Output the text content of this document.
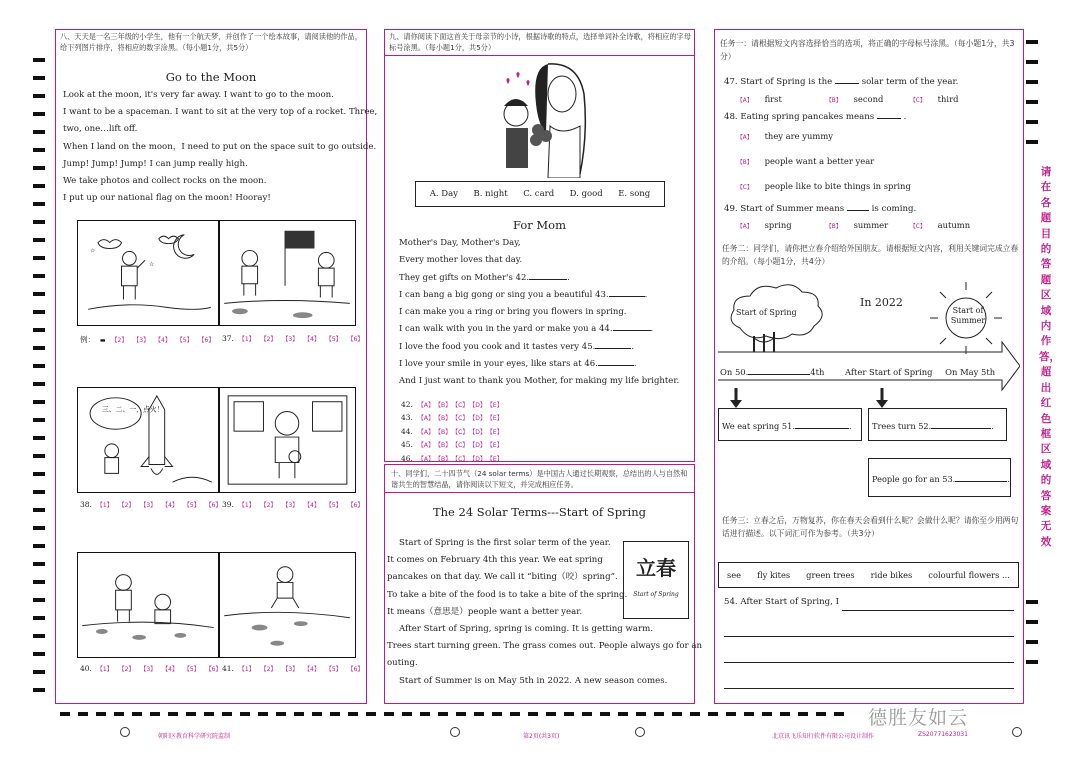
八、天天是一名三年级的小学生，他有一个航天梦，并创作了一个绘本故事，请阅读他的作品，给下列图片排序，将相应的数字涂黑。（每小题1分，共5分）
Go to the Moon

Look at the moon, it's very far away. I want to go to the moon.

I want to be a spaceman. I want to sit at the very top of a rocket. Three,

two, one…lift off.

When I land on the moon，I need to put on the space suit to go outside.

Jump! Jump! Jump! I can jump really high.

We take photos and collect rocks on the moon.

I put up our national flag on the moon! Hooray!

☆
☆
例： ▬ 【2】 【3】 【4】 【5】 【6】	37. 【1】 【2】 【3】 【4】 【5】 【6】
三、二、一，点火！
38. 【1】 【2】 【3】 【4】 【5】 【6】 39. 【1】 【2】 【3】 【4】 【5】 【6】
40. 【1】 【2】 【3】 【4】 【5】 【6】 41. 【1】 【2】 【3】 【4】 【5】 【6】
九、请你阅读下面这首关于母亲节的小诗，根据诗歌的特点，选择单词补全诗歌，将相应的字母标号涂黑。（每小题1分，共5分）
A. Day B. night C. card D. good E. song
For Mom

Mother's Day, Mother's Day,

Every mother loves that day.

They get gifts on Mother's 42.	.

I can bang a big gong or sing you a beautiful 43.	.

I can make you a ring or bring you flowers in spring.

I can walk with you in the yard or make you a 44.	.

I love the food you cook and it tastes very 45.	.

I love your smile in your eyes, like stars at 46.	.

And I just want to thank you Mother, for making my life brighter.

42. 【A】 【B】 【C】 【D】 【E】
43. 【A】 【B】 【C】 【D】 【E】
44. 【A】 【B】 【C】 【D】 【E】
45. 【A】 【B】 【C】 【D】 【E】
46. 【A】 【B】 【C】 【D】 【E】
十、同学们，二十四节气（24 solar terms）是中国古人通过长期观察，总结出的人与自然和谐共生的智慧结晶，请你阅读以下短文，并完成相应任务。
The 24 Solar Terms---Start of Spring
立春
Start of Spring

Start of Spring is the first solar term of the year.

It comes on February 4th this year. We eat spring

pancakes on that day. We call it “biting（咬）spring”.

To take a bite of the food is to take a bite of the spring.

It means（意思是）people want a better year.

After Start of Spring, spring is coming. It is getting warm.

Trees start turning green. The grass comes out. People always go for an

outing.

Start of Summer is on May 5th in 2022. A new season comes.

任务一：请根据短文内容选择恰当的选项，将正确的字母标号涂黑。（每小题1分，共3分）
47. Start of Spring is the	solar term of the year.
【A】 first	【B】 second	【C】 third
48. Eating spring pancakes means	.
【A】 they are yummy
【B】 people want a better year
【C】 people like to bite things in spring
49. Start of Summer means	is coming.
【A】 spring	【B】 summer	【C】 autumn
任务二：同学们，请你把立春介绍给外国朋友。请根据短文内容，利用关键词完成立春的介绍。（每小题1分，共4分）
Start of Spring
In 2022
Start of Summer
On 50.	4th After Start of Spring On May 5th
We eat spring 51.	.	Trees turn 52.	.
People go for an 53.	.
任务三：立春之后，万物复苏，你在春天会看到什么呢？会做什么呢？请你至少用两句话进行描述。以下词汇可作为参考。（共3分）
see fly kites green trees ride bikes colourful flowers ...
54. After Start of Spring, I
请在各题目的答题区域内作答，超出红色框区域的答案无效
朝阳区教育科学研究院监制	第2页(共3页)	北京讯飞乐知行软件有限公司设计制作	ZS20771623031
德胜友如云
